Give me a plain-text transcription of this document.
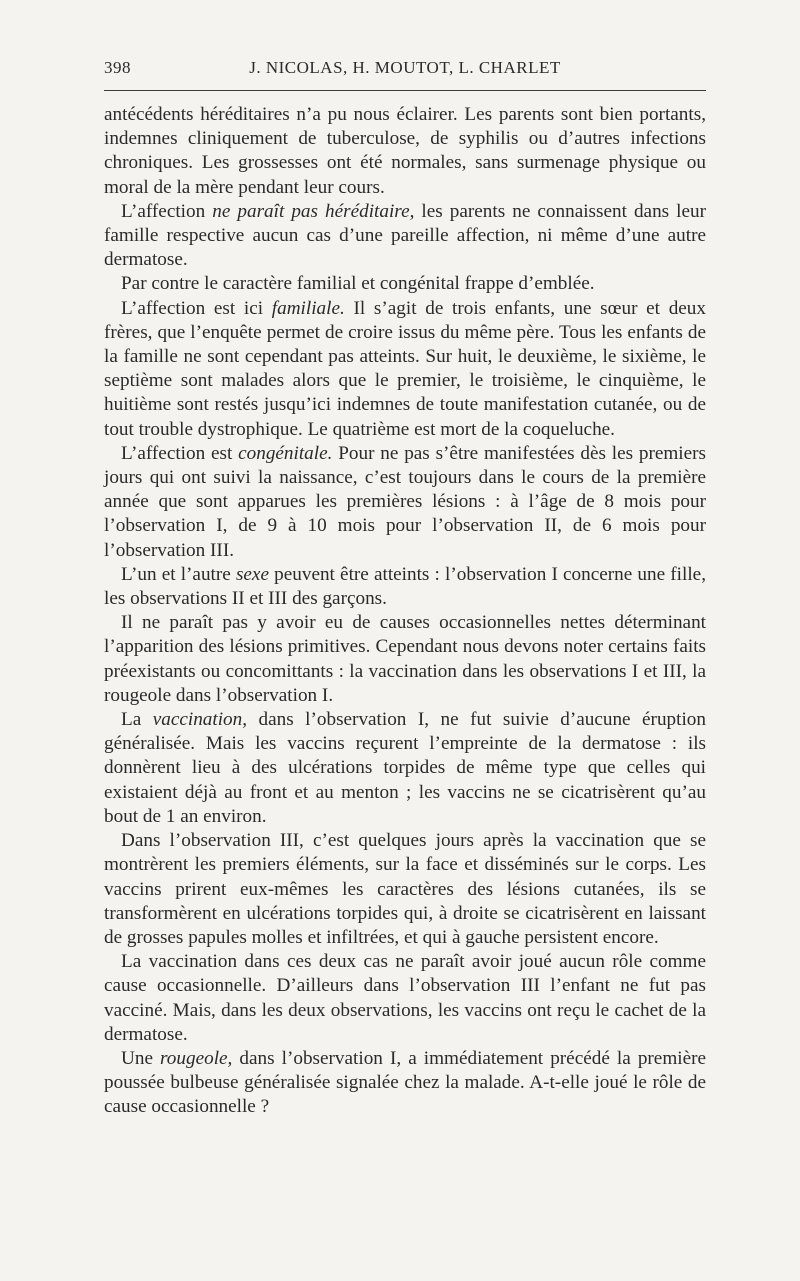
398	J. NICOLAS, H. MOUTOT, L. CHARLET

antécédents héréditaires n’a pu nous éclairer. Les parents sont bien portants, indemnes cliniquement de tuberculose, de syphilis ou d’autres infections chroniques. Les grossesses ont été normales, sans surmenage physique ou moral de la mère pendant leur cours.

L’affection ne paraît pas héréditaire, les parents ne connaissent dans leur famille respective aucun cas d’une pareille affection, ni même d’une autre dermatose.

Par contre le caractère familial et congénital frappe d’emblée.

L’affection est ici familiale. Il s’agit de trois enfants, une sœur et deux frères, que l’enquête permet de croire issus du même père. Tous les enfants de la famille ne sont cependant pas atteints. Sur huit, le deuxième, le sixième, le septième sont malades alors que le premier, le troisième, le cinquième, le huitième sont restés jusqu’ici indemnes de toute manifestation cutanée, ou de tout trouble dystrophique. Le quatrième est mort de la coqueluche.

L’affection est congénitale. Pour ne pas s’être manifestées dès les premiers jours qui ont suivi la naissance, c’est toujours dans le cours de la première année que sont apparues les premières lésions : à l’âge de 8 mois pour l’observation I, de 9 à 10 mois pour l’observation II, de 6 mois pour l’observation III.

L’un et l’autre sexe peuvent être atteints : l’observation I concerne une fille, les observations II et III des garçons.

Il ne paraît pas y avoir eu de causes occasionnelles nettes déterminant l’apparition des lésions primitives. Cependant nous devons noter certains faits préexistants ou concomittants : la vaccination dans les observations I et III, la rougeole dans l’observation I.

La vaccination, dans l’observation I, ne fut suivie d’aucune éruption généralisée. Mais les vaccins reçurent l’empreinte de la dermatose : ils donnèrent lieu à des ulcérations torpides de même type que celles qui existaient déjà au front et au menton ; les vaccins ne se cicatrisèrent qu’au bout de 1 an environ.

Dans l’observation III, c’est quelques jours après la vaccination que se montrèrent les premiers éléments, sur la face et disséminés sur le corps. Les vaccins prirent eux-mêmes les caractères des lésions cutanées, ils se transformèrent en ulcérations torpides qui, à droite se cicatrisèrent en laissant de grosses papules molles et infiltrées, et qui à gauche persistent encore.

La vaccination dans ces deux cas ne paraît avoir joué aucun rôle comme cause occasionnelle. D’ailleurs dans l’observation III l’enfant ne fut pas vacciné. Mais, dans les deux observations, les vaccins ont reçu le cachet de la dermatose.

Une rougeole, dans l’observation I, a immédiatement précédé la première poussée bulbeuse généralisée signalée chez la malade. A-t-elle joué le rôle de cause occasionnelle ?
